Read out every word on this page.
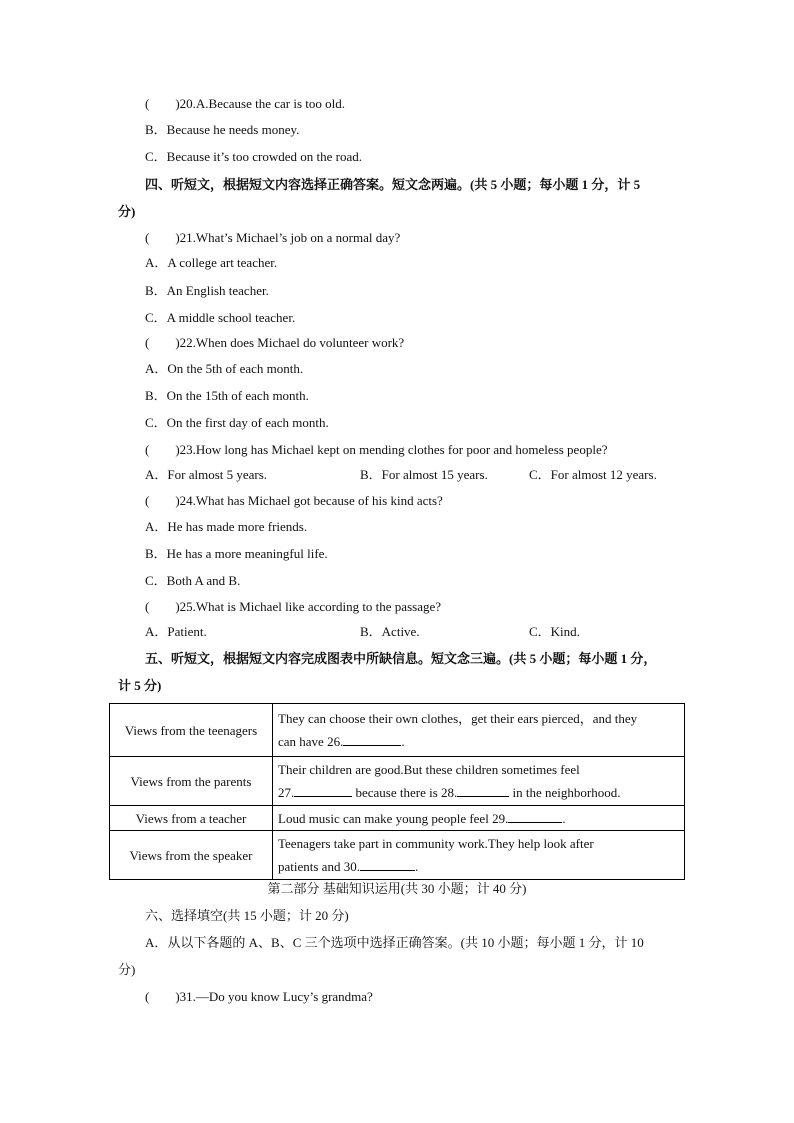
(　　)20.A.Because the car is too old.
B．Because he needs money.
C．Because it’s too crowded on the road.
四、听短文，根据短文内容选择正确答案。短文念两遍。(共 5 小题；每小题 1 分，计 5
分)
(　　)21.What’s Michael’s job on a normal day?
A．A college art teacher.
B．An English teacher.
C．A middle school teacher.
(　　)22.When does Michael do volunteer work?
A．On the 5th of each month.
B．On the 15th of each month.
C．On the first day of each month.
(　　)23.How long has Michael kept on mending clothes for poor and homeless people?
A．For almost 5 years.	B．For almost 15 years.	C．For almost 12 years.
(　　)24.What has Michael got because of his kind acts?
A．He has made more friends.
B．He has a more meaningful life.
C．Both A and B.
(　　)25.What is Michael like according to the passage?
A．Patient.	B．Active.	C．Kind.
五、听短文，根据短文内容完成图表中所缺信息。短文念三遍。(共 5 小题；每小题 1 分，
计 5 分)
Views from the teenagers	They can choose their own clothes，get their ears pierced，and they
can have 26. .
Views from the parents	Their children are good.But these children sometimes feel
27. because there is 28. in the neighborhood.
Views from a teacher	Loud music can make young people feel 29. .
Views from the speaker	Teenagers take part in community work.They help look after
patients and 30. .
第二部分 基础知识运用(共 30 小题；计 40 分)
六、选择填空(共 15 小题；计 20 分)
A．从以下各题的 A、B、C 三个选项中选择正确答案。(共 10 小题；每小题 1 分，计 10
分)
(　　)31.—Do you know Lucy’s grandma?
